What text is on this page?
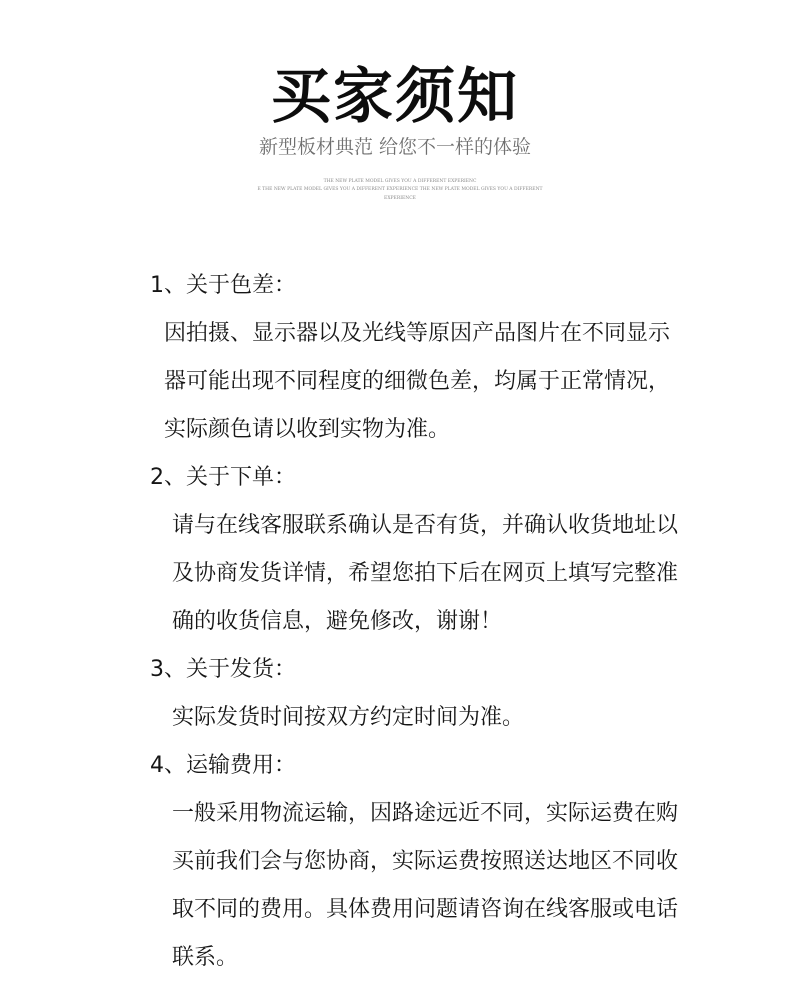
买家须知
新型板材典范 给您不一样的体验
THE NEW PLATE MODEL GIVES YOU A DIFFERENT EXPERIENC
E THE NEW PLATE MODEL GIVES YOU A DIFFERENT EXPERIENCE THE NEW PLATE MODEL GIVES YOU A DIFFERENT
EXPERIENCE

1、关于色差：

因拍摄、显示器以及光线等原因产品图片在不同显示器可能出现不同程度的细微色差，均属于正常情况，实际颜色请以收到实物为准。

2、关于下单：

请与在线客服联系确认是否有货，并确认收货地址以及协商发货详情，希望您拍下后在网页上填写完整准确的收货信息，避免修改，谢谢！

3、关于发货：

实际发货时间按双方约定时间为准。

4、运输费用：

一般采用物流运输，因路途远近不同，实际运费在购买前我们会与您协商，实际运费按照送达地区不同收取不同的费用。具体费用问题请咨询在线客服或电话联系。
